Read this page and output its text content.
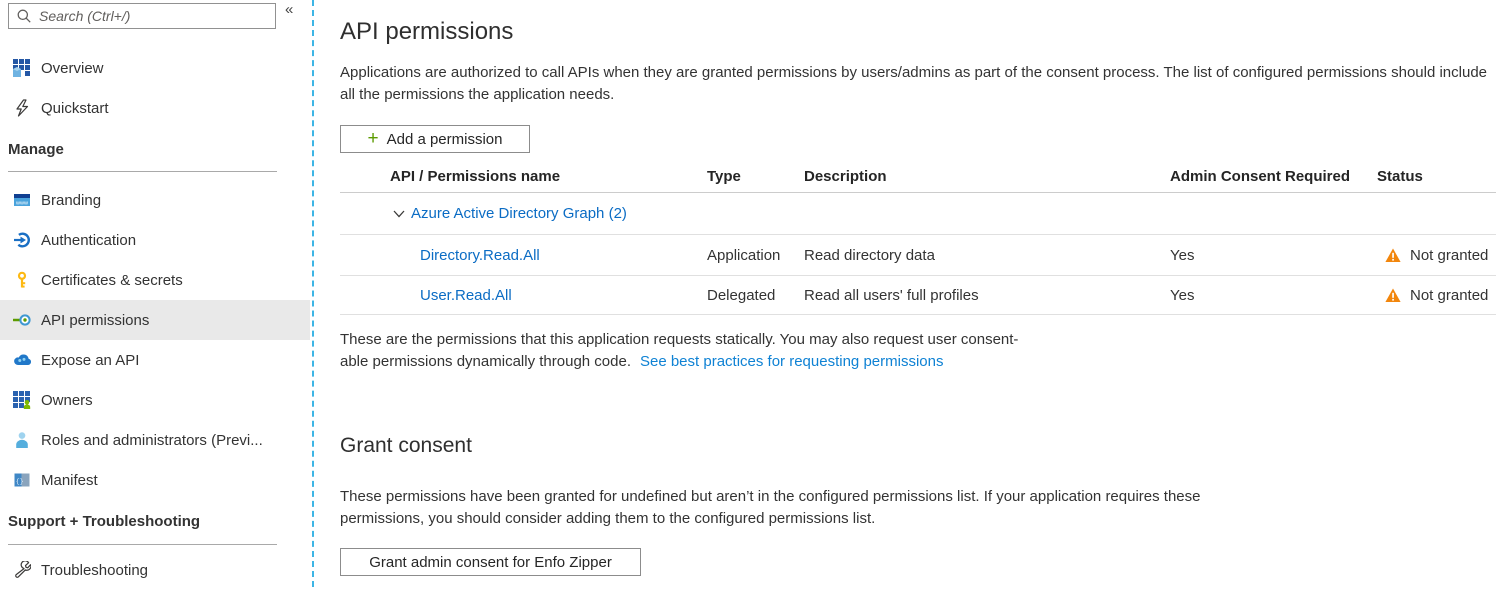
Search (Ctrl+/)
«
Overview
Quickstart
Manage
www Branding
Authentication
Certificates & secrets
API permissions
Expose an API
Owners
Roles and administrators (Previ...
{} Manifest
Support + Troubleshooting
Troubleshooting
API permissions
Applications are authorized to call APIs when they are granted permissions by users/admins as part of the consent process. The list of configured permissions should include
all the permissions the application needs.
+ Add a permission
API / Permissions name	Type	Description	Admin Consent Required	Status
Azure Active Directory Graph (2)
Directory.Read.All	Application	Read directory data	Yes	Not granted
User.Read.All	Delegated	Read all users' full profiles	Yes	Not granted
These are the permissions that this application requests statically. You may also request user consent-
able permissions dynamically through code. See best practices for requesting permissions
Grant consent
These permissions have been granted for undefined but aren’t in the configured permissions list. If your application requires these
permissions, you should consider adding them to the configured permissions list.
Grant admin consent for Enfo Zipper
